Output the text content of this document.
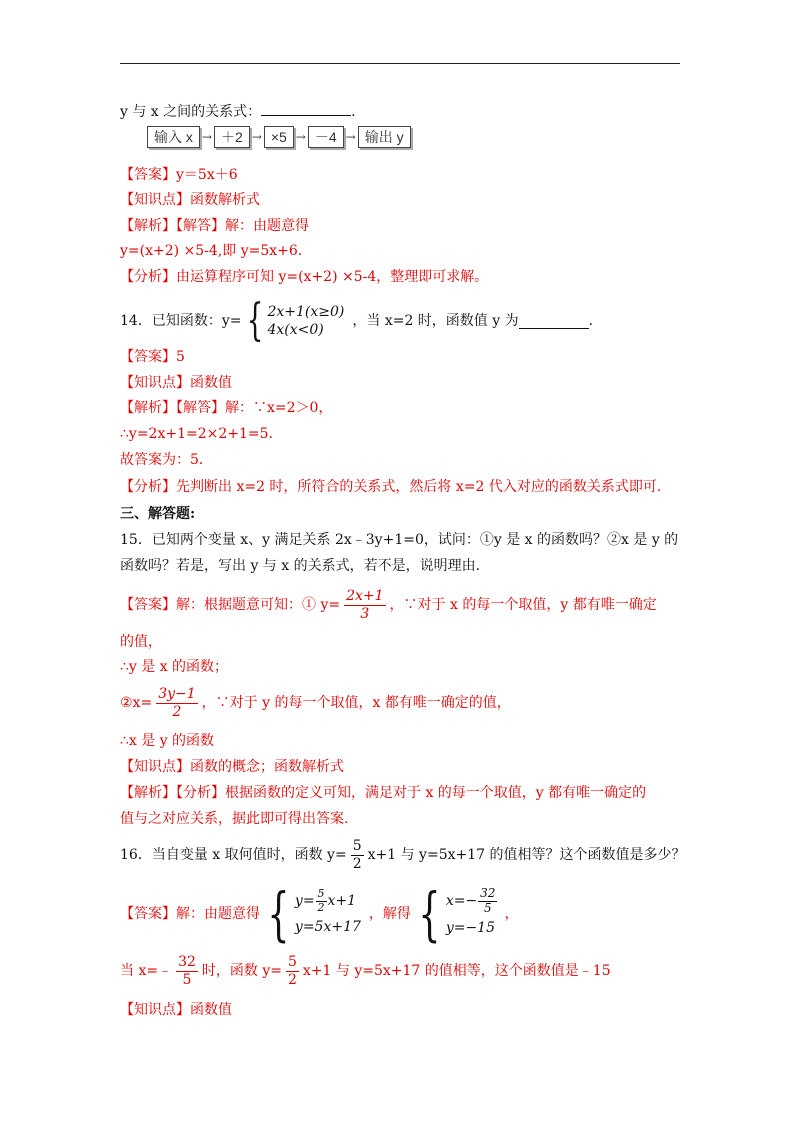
y 与 x 之间的关系式：	.
输入 x → ＋2 → ×5 → －4 → 输出 y
【答案】y＝5x＋6
【知识点】函数解析式
【解析】【解答】解：由题意得
y=(x+2) ×5-4,即 y=5x+6.
【分析】由运算程序可知 y=(x+2) ×5-4，整理即可求解。
14．已知函数：y= { 2x+1(x≥0)
4x(x<0)
，当 x=2 时，函数值 y 为	.
【答案】5
【知识点】函数值
【解析】【解答】解：∵x=2＞0，
∴y=2x+1=2×2+1=5．
故答案为：5．
【分析】先判断出 x=2 时，所符合的关系式，然后将 x=2 代入对应的函数关系式即可.
三、解答题:
15．已知两个变量 x、y 满足关系 2x﹣3y+1=0，试问：①y 是 x 的函数吗？②x 是 y 的
函数吗？若是，写出 y 与 x 的关系式，若不是，说明理由.
【答案】解：根据题意可知：① $y= \frac{2x+1}{3}$ ，∵对于 x 的每一个取值，y 都有唯一确定
的值，
∴y 是 x 的函数；
②x= $\frac{3y-1}{2}$ ，∵对于 y 的每一个取值，x 都有唯一确定的值，
∴x 是 y 的函数
【知识点】函数的概念；函数解析式
【解析】【分析】根据函数的定义可知，满足对于 x 的每一个取值，y 都有唯一确定的
值与之对应关系，据此即可得出答案.
16．当自变量 x 取何值时，函数 $y= \frac{5}{2} x+1$ 与 y=5x+17 的值相等？这个函数值是多少？
【答案】解：由题意得 { $y= \frac{5}{2} x+1$
y=5x+17
，解得 { $x=- \frac{32}{5}$
y=−15
，
当 x=﹣ $\frac{32}{5}$ 时，函数 $y= \frac{5}{2} x+1$ 与 y=5x+17 的值相等，这个函数值是﹣15
【知识点】函数值
